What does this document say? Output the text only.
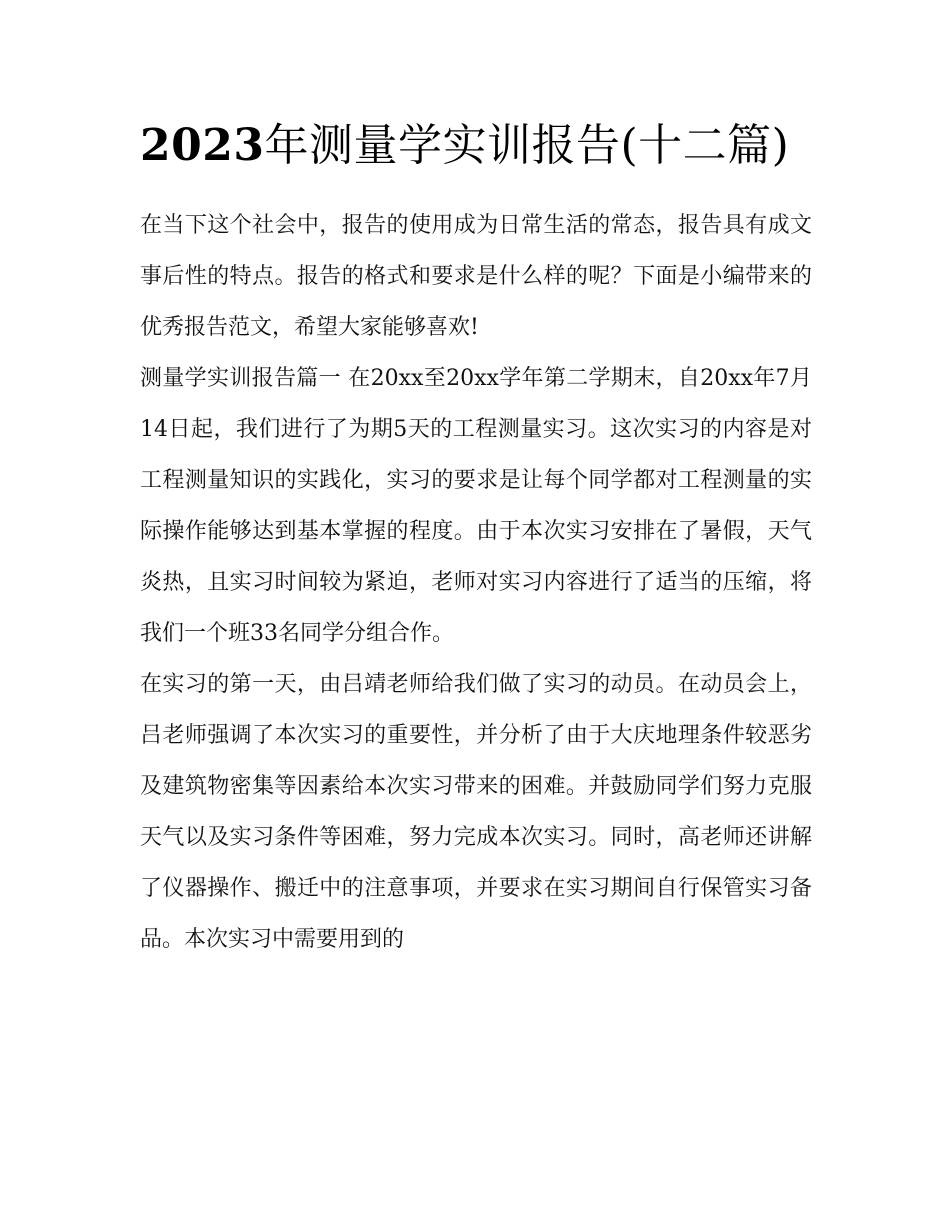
2023年测量学实训报告(十二篇)

在当下这个社会中，报告的使用成为日常生活的常态，报告具有成文事后性的特点。报告的格式和要求是什么样的呢？下面是小编带来的优秀报告范文，希望大家能够喜欢!

测量学实训报告篇一 在20xx至20xx学年第二学期末，自20xx年7月14日起，我们进行了为期5天的工程测量实习。这次实习的内容是对工程测量知识的实践化，实习的要求是让每个同学都对工程测量的实际操作能够达到基本掌握的程度。由于本次实习安排在了暑假，天气炎热，且实习时间较为紧迫，老师对实习内容进行了适当的压缩，将我们一个班33名同学分组合作。

在实习的第一天，由吕靖老师给我们做了实习的动员。在动员会上，吕老师强调了本次实习的重要性，并分析了由于大庆地理条件较恶劣及建筑物密集等因素给本次实习带来的困难。并鼓励同学们努力克服天气以及实习条件等困难，努力完成本次实习。同时，高老师还讲解了仪器操作、搬迁中的注意事项，并要求在实习期间自行保管实习备品。本次实习中需要用到的
